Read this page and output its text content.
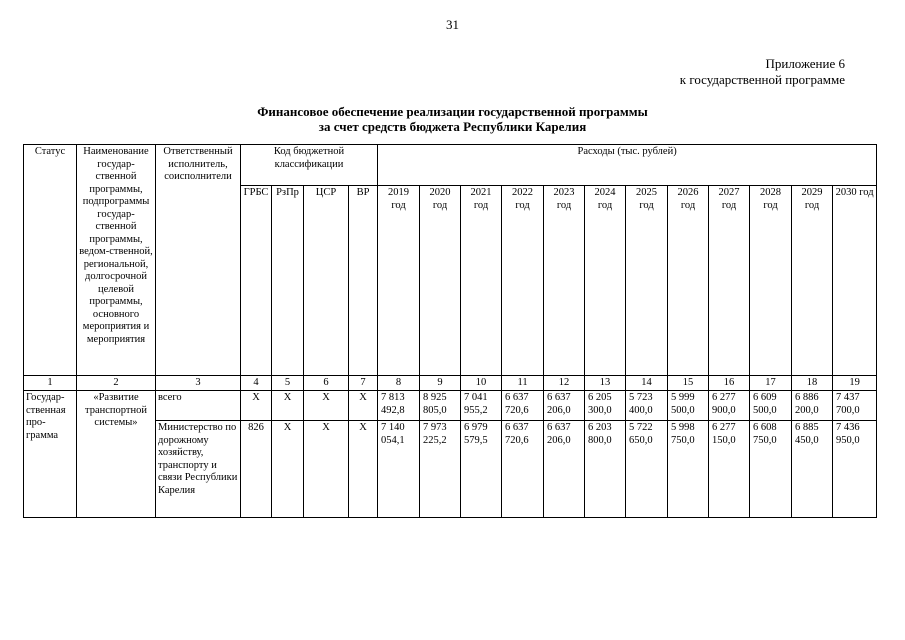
31
Приложение 6
к государственной программе
Финансовое обеспечение реализации государственной программы
за счет средств бюджета Республики Карелия
Статус	Наименование государ-ственной программы, подпрограммы государ-ственной программы, ведом-ственной, региональной, долгосрочной целевой программы, основного мероприятия и мероприятия	Ответственный исполнитель, соисполнители	Код бюджетной классификации				Расходы (тыс. рублей)											
			ГРБС	РзПр	ЦСР	ВР	2019 год	2020 год	2021 год	2022 год	2023 год	2024 год	2025 год	2026 год	2027 год	2028 год	2029 год	2030 год
1	2	3	4	5	6	7	8	9	10	11	12	13	14	15	16	17	18	19
Государ-ственная про-грамма	«Развитие транспортной системы»	всего	X	X	X	X	7 813 492,8	8 925 805,0	7 041 955,2	6 637 720,6	6 637 206,0	6 205 300,0	5 723 400,0	5 999 500,0	6 277 900,0	6 609 500,0	6 886 200,0	7 437 700,0
		Министерство по дорожному хозяйству, транспорту и связи Республики Карелия	826	X	X	X	7 140 054,1	7 973 225,2	6 979 579,5	6 637 720,6	6 637 206,0	6 203 800,0	5 722 650,0	5 998 750,0	6 277 150,0	6 608 750,0	6 885 450,0	7 436 950,0
